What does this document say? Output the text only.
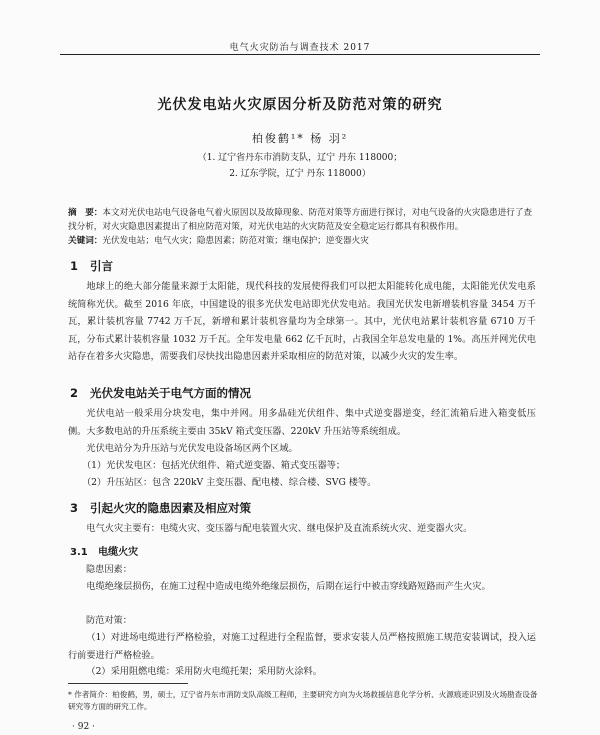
电气火灾防治与调查技术 2017
光伏发电站火灾原因分析及防范对策的研究
柏俊鹤¹* 杨 羽²
（1. 辽宁省丹东市消防支队，辽宁 丹东 118000；
2. 辽东学院，辽宁 丹东 118000）
摘　要：本文对光伏电站电气设备电气着火原因以及故障现象、防范对策等方面进行探讨，对电气设备的火灾隐患进行了查找分析，对火灾隐患因素提出了相应防范对策，对光伏电站的火灾防范及安全稳定运行都具有积极作用。
关键词：光伏发电站；电气火灾；隐患因素；防范对策；继电保护；逆变器火灾
1 引言
地球上的绝大部分能量来源于太阳能，现代科技的发展使得我们可以把太阳能转化成电能，太阳能光伏发电系统简称光伏。截至 2016 年底，中国建设的很多光伏发电站即光伏发电站。我国光伏发电新增装机容量 3454 万千瓦，累计装机容量 7742 万千瓦，新增和累计装机容量均为全球第一。其中，光伏电站累计装机容量 6710 万千瓦，分布式累计装机容量 1032 万千瓦。全年发电量 662 亿千瓦时，占我国全年总发电量的 1%。高压并网光伏电站存在着多火灾隐患，需要我们尽快找出隐患因素并采取相应的防范对策，以减少火灾的发生率。
2 光伏发电站关于电气方面的情况
光伏电站一般采用分块发电，集中并网。用多晶硅光伏组件、集中式逆变器逆变，经汇流箱后进入箱变低压侧。大多数电站的升压系统主要由 35kV 箱式变压器、220kV 升压站等系统组成。
光伏电站分为升压站与光伏发电设备场区两个区域。
（1）光伏发电区：包括光伏组件、箱式逆变器、箱式变压器等；
（2）升压站区：包含 220kV 主变压器、配电楼、综合楼、SVG 楼等。
3 引起火灾的隐患因素及相应对策
电气火灾主要有：电缆火灾、变压器与配电装置火灾、继电保护及直流系统火灾、逆变器火灾。
3.1 电缆火灾
隐患因素：
电缆绝缘层损伤，在施工过程中造成电缆外绝缘层损伤，后期在运行中被击穿线路短路而产生火灾。
防范对策：
（1）对进场电缆进行严格检验，对施工过程进行全程监督，要求安装人员严格按照施工规范安装调试，投入运行前要进行严格检验。
（2）采用阻燃电缆：采用防火电缆托架；采用防火涂料。
* 作者简介：柏俊鹤，男，硕士，辽宁省丹东市消防支队高级工程师，主要研究方向为火场救援信息化学分析、火源痕迹识别及火场勘查设备研究等方面的研究工作。
· 92 ·
